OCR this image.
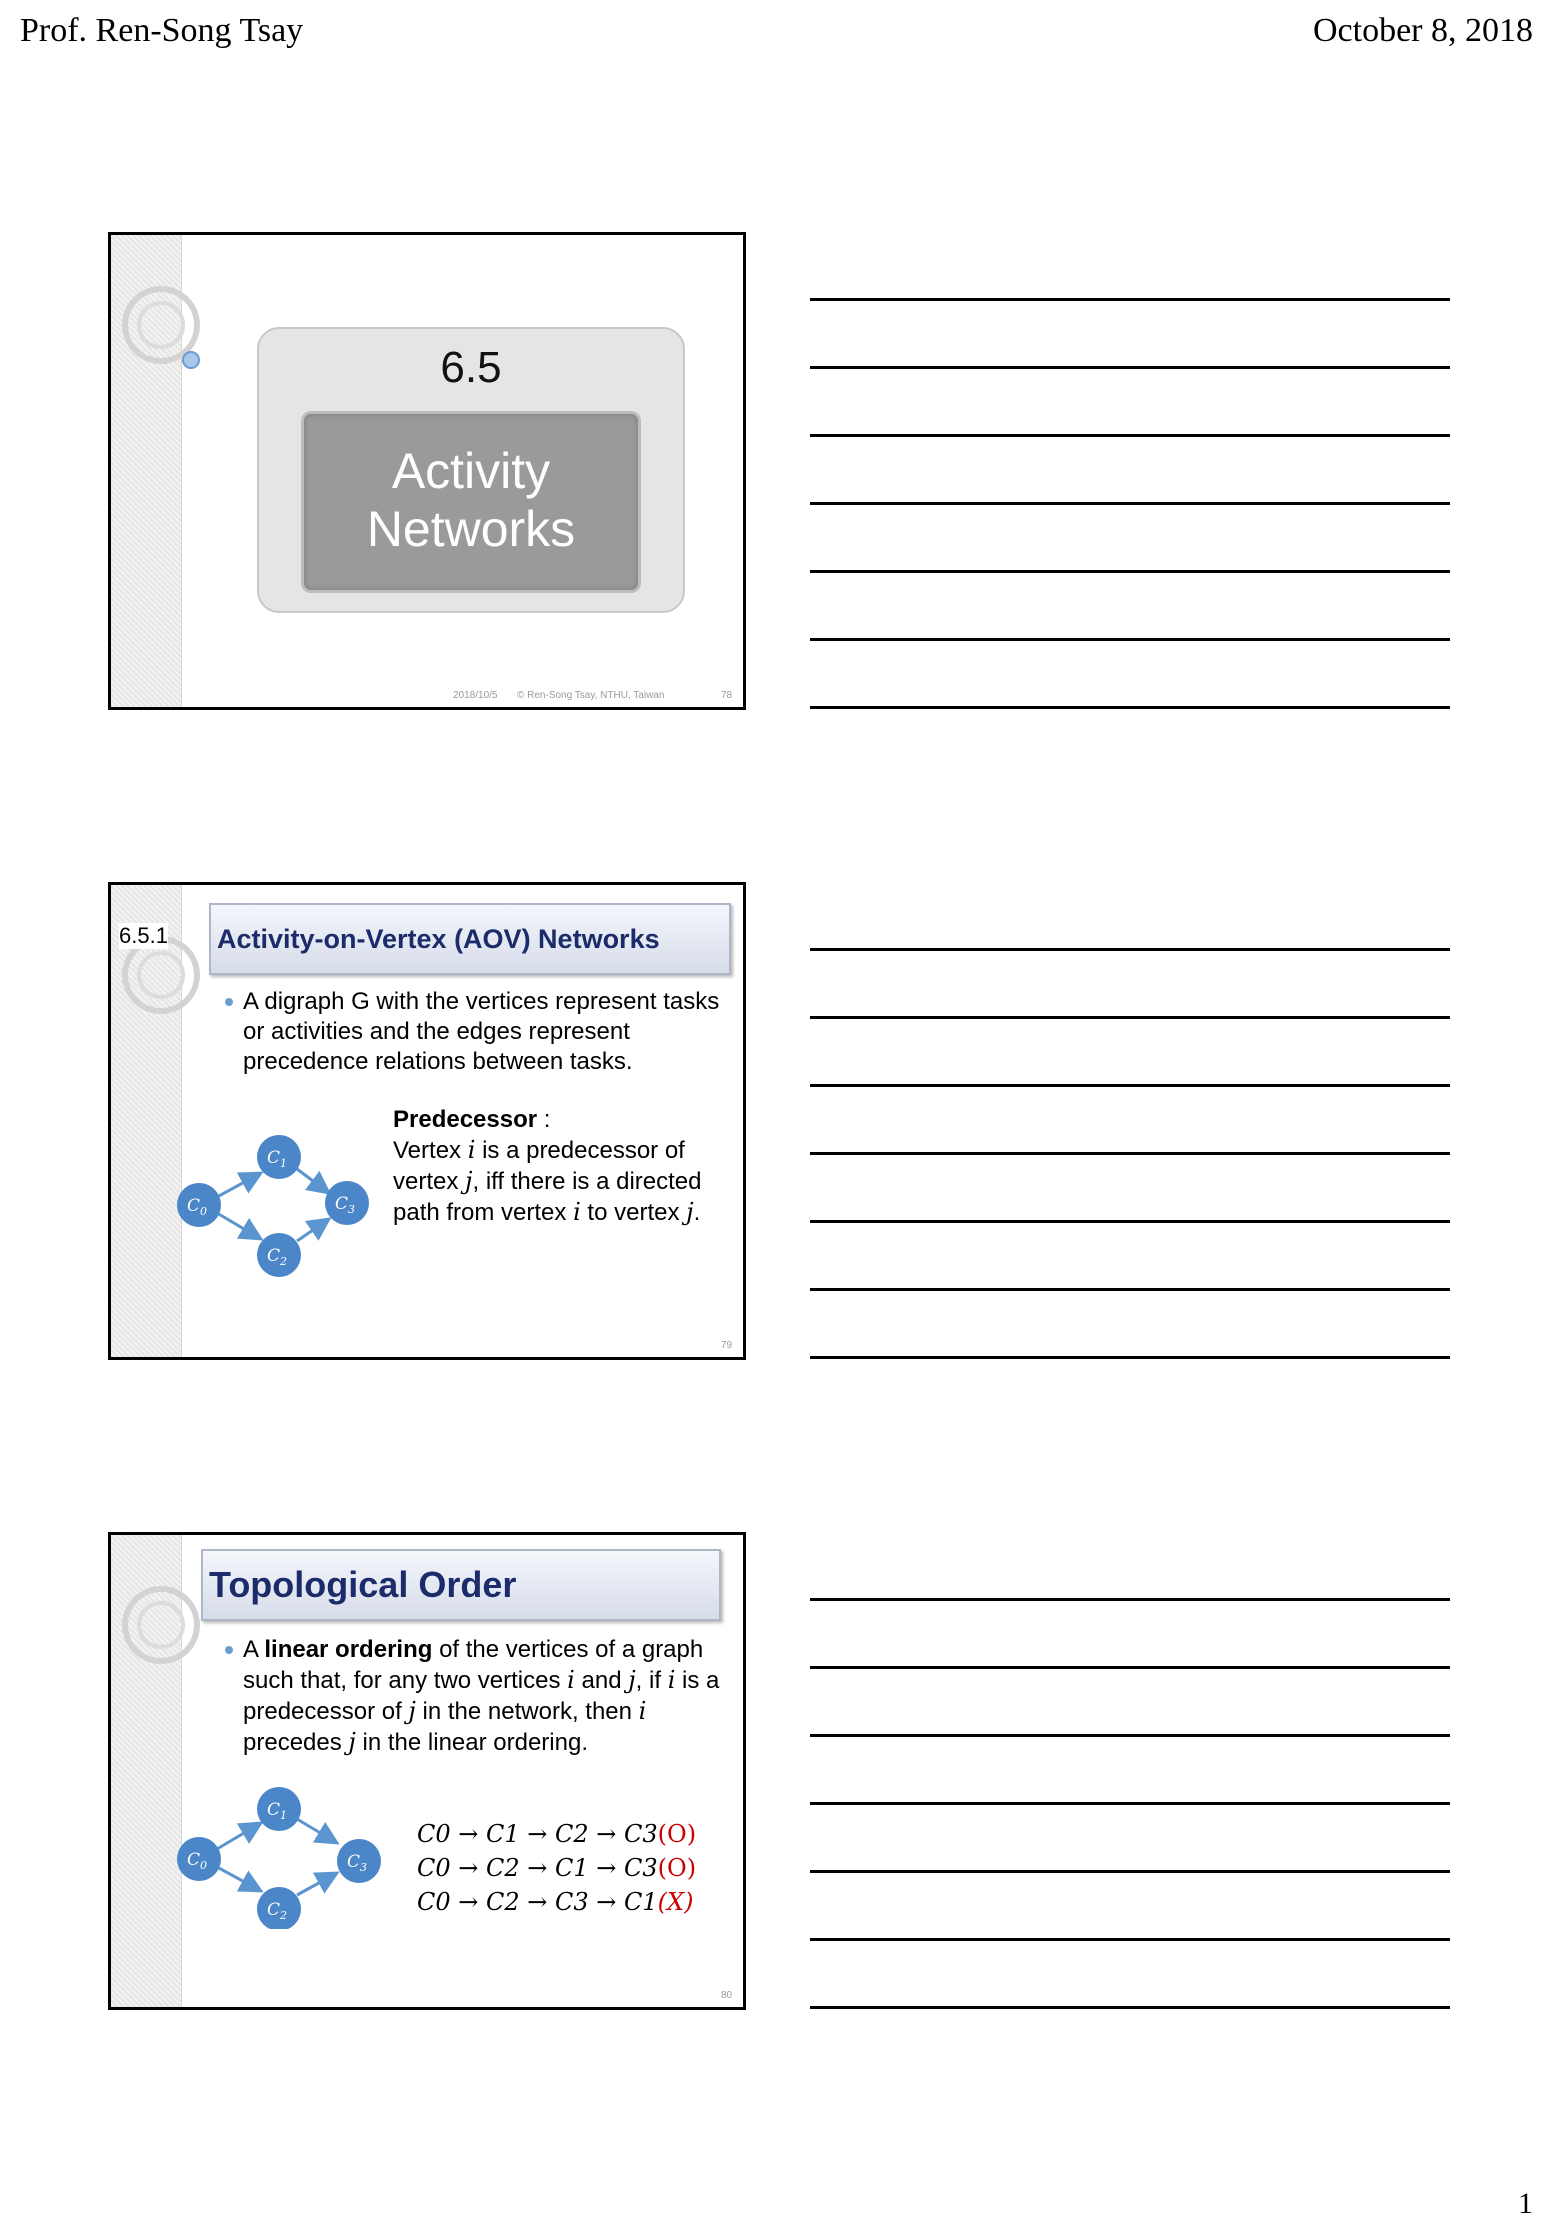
Prof. Ren-Song Tsay	October 8, 2018
6.5
Activity
Networks
2018/10/5 © Ren-Song Tsay, NTHU, Taiwan	78
6.5.1 Activity-on-Vertex (AOV) Networks
A digraph G with the vertices represent tasks or activities and the edges represent precedence relations between tasks.
$C_3$
$C_0$
$C_1$
$C_2$
Predecessor :
Vertex i is a predecessor of vertex j, iff there is a directed path from vertex i to vertex j.
79
Topological Order
A linear ordering of the vertices of a graph such that, for any two vertices i and j, if i is a predecessor of j in the network, then i precedes j in the linear ordering.
$C_0$
$C_1$
$C_2$
$C_3$
C0 → C1 → C2 → C3(O)
C0 → C2 → C1 → C3(O)
C0 → C2 → C3 → C1(X)
80
1
